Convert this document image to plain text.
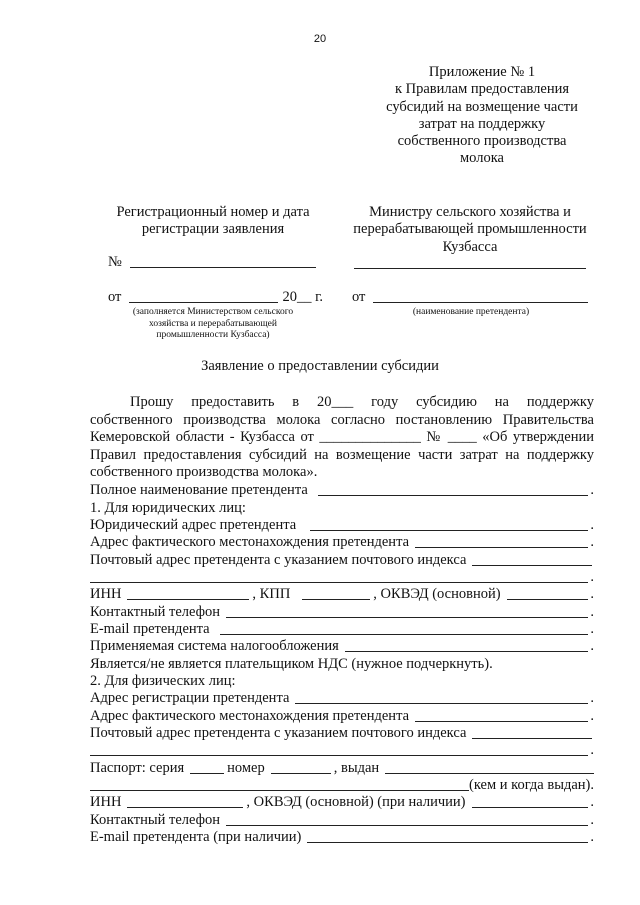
20
Приложение № 1
к Правилам предоставления
субсидий на возмещение части
затрат на поддержку
собственного производства
молока
Регистрационный номер и дата
регистрации заявления
№
от	20__ г.
(заполняется Министерством сельского
хозяйства и перерабатывающей
промышленности Кузбасса)
Министру сельского хозяйства и
перерабатывающей промышленности
Кузбасса
от
(наименование претендента)
Заявление о предоставлении субсидии
Прошу предоставить в 20___ году субсидию на поддержку
собственного производства молока согласно постановлению Правительства
Кемеровской области - Кузбасса от ______________ № ____ «Об утверждении
Правил предоставления субсидий на возмещение части затрат на поддержку
собственного производства молока».
Полное наименование претендента	.
1. Для юридических лиц:
Юридический адрес претендента	.
Адрес фактического местонахождения претендента	.
Почтовый адрес претендента с указанием почтового индекса
.
ИНН	, КПП	, ОКВЭД (основной)	.
Контактный телефон	.
E-mail претендента	.
Применяемая система налогообложения	.
Является/не является плательщиком НДС (нужное подчеркнуть).
2. Для физических лиц:
Адрес регистрации претендента	.
Адрес фактического местонахождения претендента	.
Почтовый адрес претендента с указанием почтового индекса
.
Паспорт: серия	номер	, выдан
(кем и когда выдан).
ИНН	, ОКВЭД (основной) (при наличии)	.
Контактный телефон	.
E-mail претендента (при наличии)	.
